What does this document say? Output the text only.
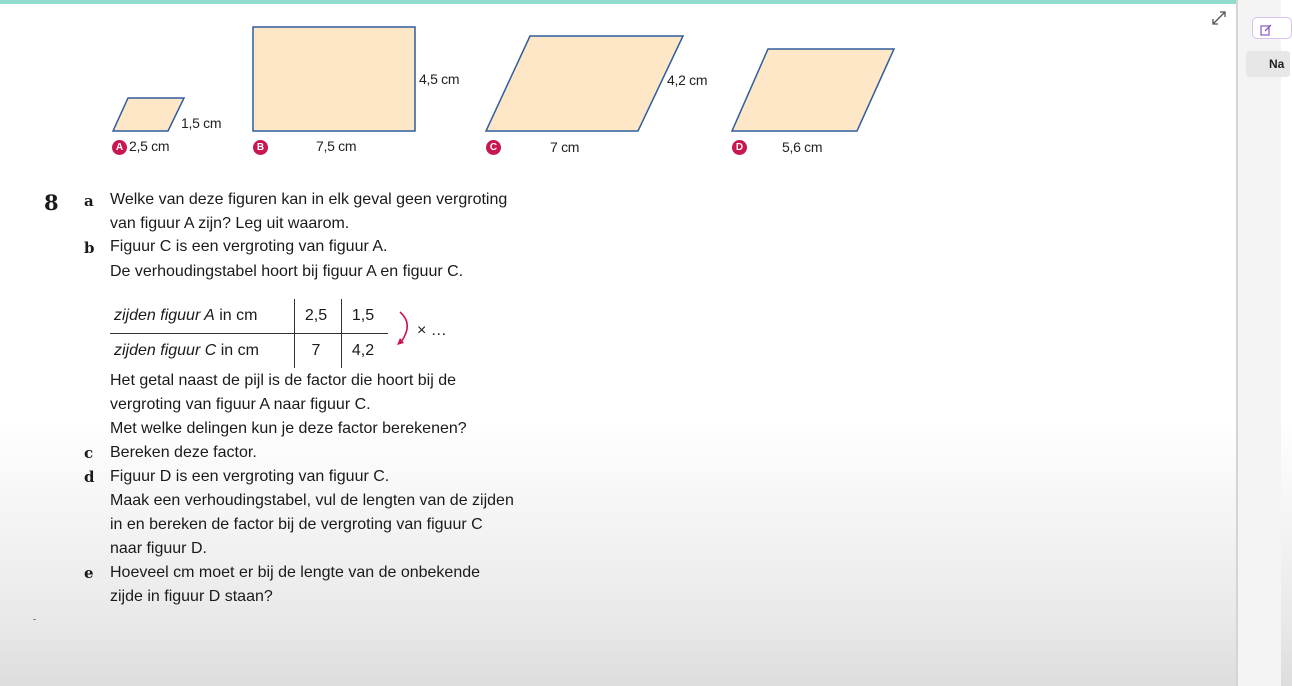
1,5 cm
A 2,5 cm
4,5 cm
B	7,5 cm
4,2 cm
C	7 cm	D	5,6 cm
8 a Welke van deze figuren kan in elk geval geen vergroting
van figuur A zijn? Leg uit waarom.
b Figuur C is een vergroting van figuur A.
De verhoudingstabel hoort bij figuur A en figuur C.
zijden figuur A in cm	2,5	1,5
zijden figuur C in cm	7	4,2
× …
Het getal naast de pijl is de factor die hoort bij de
vergroting van figuur A naar figuur C.
Met welke delingen kun je deze factor berekenen?
c Bereken deze factor.
d Figuur D is een vergroting van figuur C.
Maak een verhoudingstabel, vul de lengten van de zijden
in en bereken de factor bij de vergroting van figuur C
naar figuur D.
e Hoeveel cm moet er bij de lengte van de onbekende
zijde in figuur D staan?
Na
